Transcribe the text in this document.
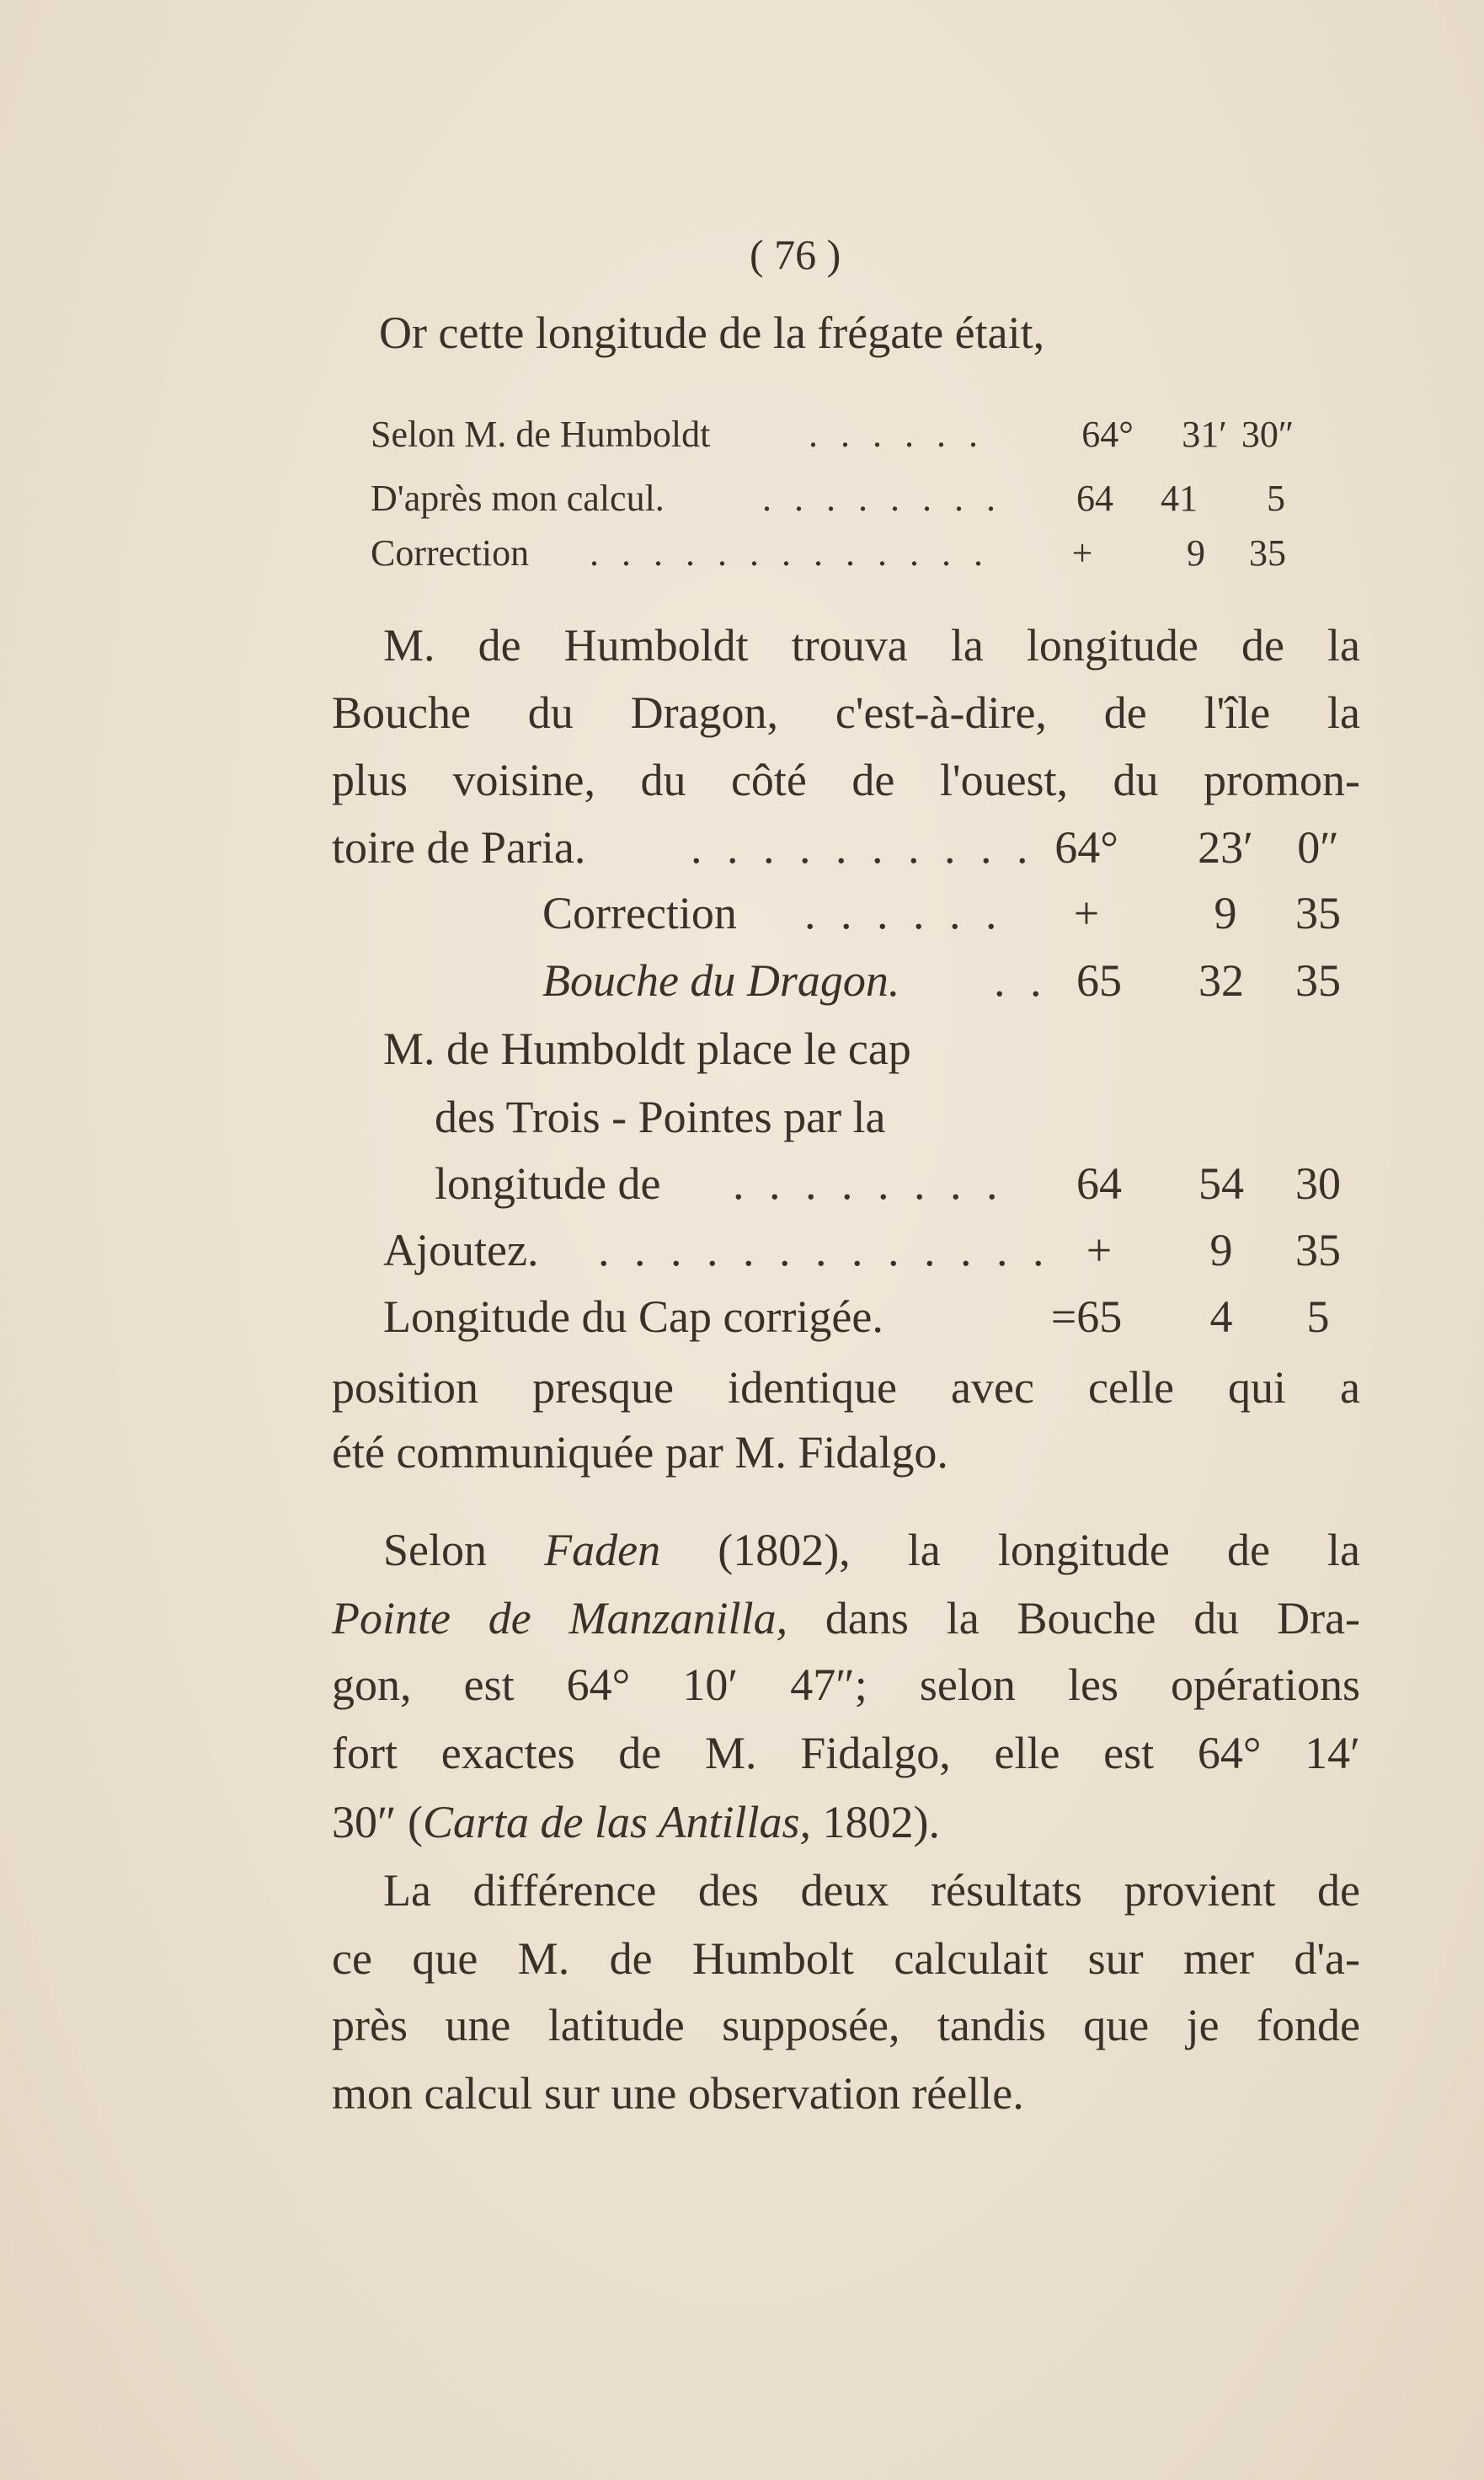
( 76 )
Or cette longitude de la frégate était,
Selon M. de Humboldt	. . . . . .	64°	31′ 30″
D'après mon calcul.	. . . . . . . .	64	41	5
Correction . . . . . . . . . . . . .	+	9	35
M. de Humboldt trouva la longitude de la
Bouche du Dragon, c'est-à-dire, de l'île la
plus voisine, du côté de l'ouest, du promon-
toire de Paria. . . . . . . . . . . 64°	23′ 0″
Correction . . . . . .	+	9	35
Bouche du Dragon. . . 65	32	35
M. de Humboldt place le cap
des Trois - Pointes par la
longitude de . . . . . . . .	64	54	30
Ajoutez. . . . . . . . . . . . . . +	9	35
Longitude du Cap corrigée.	=65	4	5
position presque identique avec celle qui a
été communiquée par M. Fidalgo.
Selon Faden (1802), la longitude de la
Pointe de Manzanilla, dans la Bouche du Dra-
gon, est 64° 10′ 47″; selon les opérations
fort exactes de M. Fidalgo, elle est 64° 14′
30″ (Carta de las Antillas, 1802).
La différence des deux résultats provient de
ce que M. de Humbolt calculait sur mer d'a-
près une latitude supposée, tandis que je fonde
mon calcul sur une observation réelle.
